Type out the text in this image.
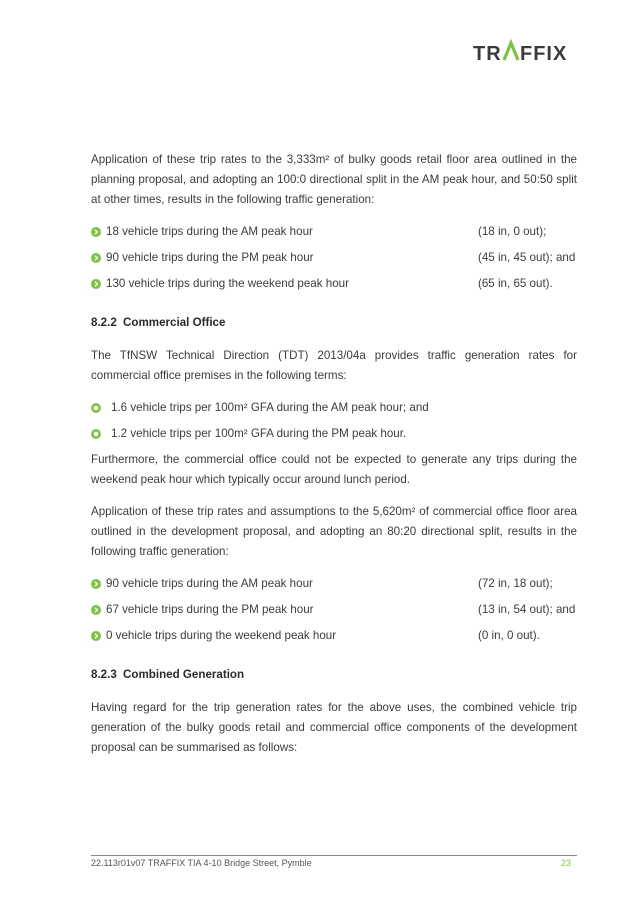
TR FFIX

Application of these trip rates to the 3,333m² of bulky goods retail floor area outlined in the planning proposal, and adopting an 100:0 directional split in the AM peak hour, and 50:50 split at other times, results in the following traffic generation:

18 vehicle trips during the AM peak hour	(18 in, 0 out);
90 vehicle trips during the PM peak hour	(45 in, 45 out); and
130 vehicle trips during the weekend peak hour	(65 in, 65 out).
8.2.2 Commercial Office

The TfNSW Technical Direction (TDT) 2013/04a provides traffic generation rates for commercial office premises in the following terms:

1.6 vehicle trips per 100m² GFA during the AM peak hour; and
1.2 vehicle trips per 100m² GFA during the PM peak hour.

Furthermore, the commercial office could not be expected to generate any trips during the weekend peak hour which typically occur around lunch period.

Application of these trip rates and assumptions to the 5,620m² of commercial office floor area outlined in the development proposal, and adopting an 80:20 directional split, results in the following traffic generation:

90 vehicle trips during the AM peak hour	(72 in, 18 out);
67 vehicle trips during the PM peak hour	(13 in, 54 out); and
0 vehicle trips during the weekend peak hour	(0 in, 0 out).
8.2.3 Combined Generation

Having regard for the trip generation rates for the above uses, the combined vehicle trip generation of the bulky goods retail and commercial office components of the development proposal can be summarised as follows:

22.113r01v07 TRAFFIX TIA 4-10 Bridge Street, Pymble	23
